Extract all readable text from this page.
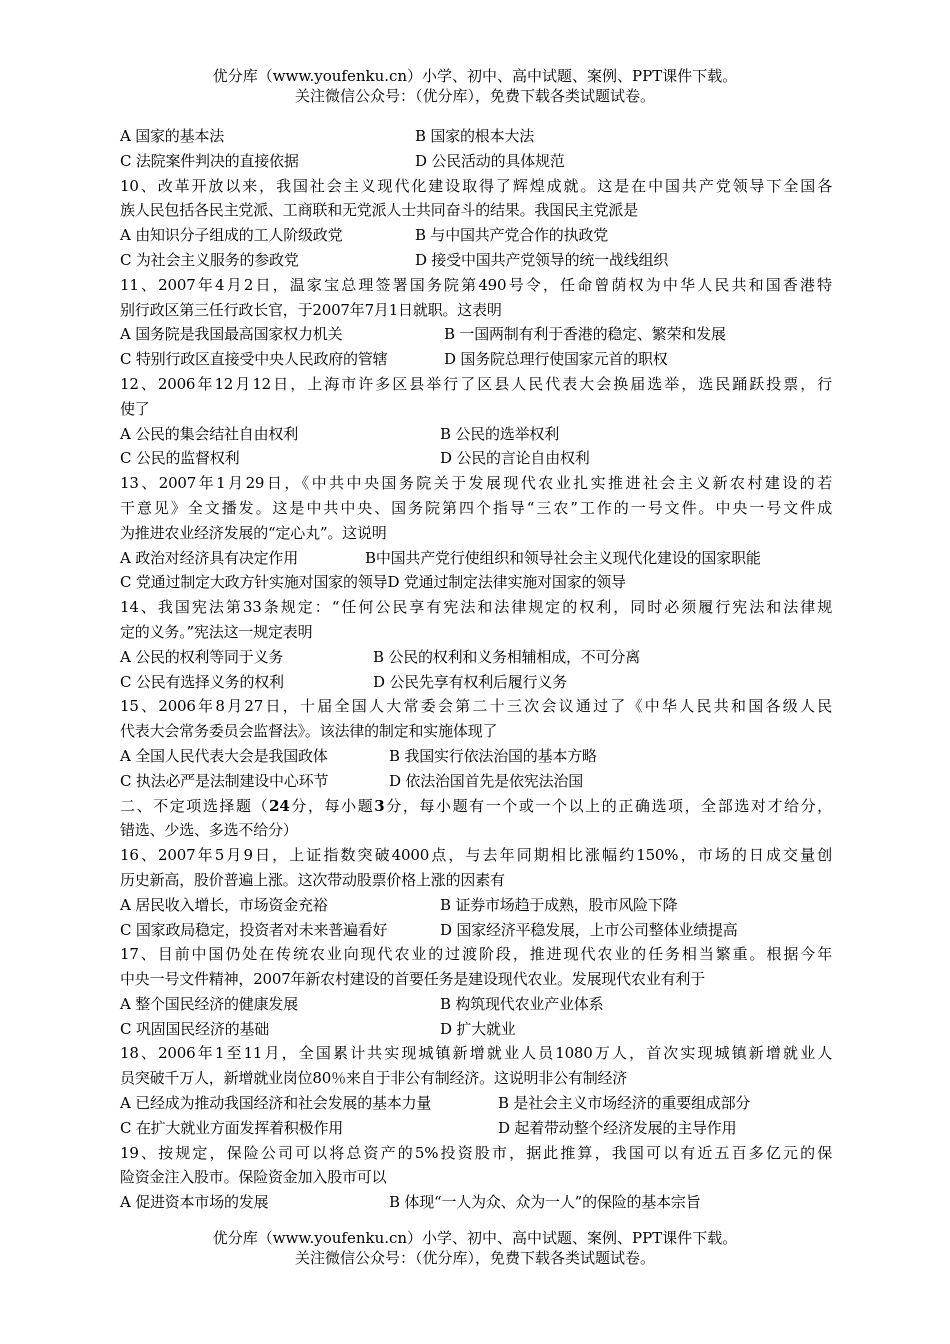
优分库（www.youfenku.cn）小学、初中、高中试题、案例、PPT课件下载。
关注微信公众号：（优分库），免费下载各类试题试卷。
A 国家的基本法	B 国家的根本大法
C 法院案件判决的直接依据	D 公民活动的具体规范
10、改革开放以来，我国社会主义现代化建设取得了辉煌成就。这是在中国共产党领导下全国各
族人民包括各民主党派、工商联和无党派人士共同奋斗的结果。我国民主党派是
A 由知识分子组成的工人阶级政党	B 与中国共产党合作的执政党
C 为社会主义服务的参政党	D 接受中国共产党领导的统一战线组织
11、2007年4月2日，温家宝总理签署国务院第490号令，任命曾荫权为中华人民共和国香港特
别行政区第三任行政长官，于2007年7月1日就职。这表明
A 国务院是我国最高国家权力机关	B 一国两制有利于香港的稳定、繁荣和发展
C 特别行政区直接受中央人民政府的管辖	D 国务院总理行使国家元首的职权
12、2006年12月12日，上海市许多区县举行了区县人民代表大会换届选举，选民踊跃投票，行
使了
A 公民的集会结社自由权利	B 公民的选举权利
C 公民的监督权利	D 公民的言论自由权利
13、2007年1月29日，《中共中央国务院关于发展现代农业扎实推进社会主义新农村建设的若
干意见》全文播发。这是中共中央、国务院第四个指导“三农”工作的一号文件。中央一号文件成
为推进农业经济发展的“定心丸”。这说明
A 政治对经济具有决定作用	B中国共产党行使组织和领导社会主义现代化建设的国家职能
C 党通过制定大政方针实施对国家的领导D 党通过制定法律实施对国家的领导
14、我国宪法第33条规定：“任何公民享有宪法和法律规定的权利，同时必须履行宪法和法律规
定的义务。”宪法这一规定表明
A 公民的权利等同于义务	B 公民的权利和义务相辅相成，不可分离
C 公民有选择义务的权利	D 公民先享有权利后履行义务
15、2006年8月27日，十届全国人大常委会第二十三次会议通过了《中华人民共和国各级人民
代表大会常务委员会监督法》。该法律的制定和实施体现了
A 全国人民代表大会是我国政体	B 我国实行依法治国的基本方略
C 执法必严是法制建设中心环节	D 依法治国首先是依宪法治国
二、不定项选择题（24分，每小题3分，每小题有一个或一个以上的正确选项，全部选对才给分，
错选、少选、多选不给分）
16、2007年5月9日，上证指数突破4000点，与去年同期相比涨幅约150%，市场的日成交量创
历史新高，股价普遍上涨。这次带动股票价格上涨的因素有
A 居民收入增长，市场资金充裕	B 证券市场趋于成熟，股市风险下降
C 国家政局稳定，投资者对未来普遍看好	D 国家经济平稳发展，上市公司整体业绩提高
17、目前中国仍处在传统农业向现代农业的过渡阶段，推进现代农业的任务相当繁重。根据今年
中央一号文件精神，2007年新农村建设的首要任务是建设现代农业。发展现代农业有利于
A 整个国民经济的健康发展	B 构筑现代农业产业体系
C 巩固国民经济的基础	D 扩大就业
18、2006年1至11月，全国累计共实现城镇新增就业人员1080万人，首次实现城镇新增就业人
员突破千万人，新增就业岗位80％来自于非公有制经济。这说明非公有制经济
A 已经成为推动我国经济和社会发展的基本力量	B 是社会主义市场经济的重要组成部分
C 在扩大就业方面发挥着积极作用	D 起着带动整个经济发展的主导作用
19、按规定，保险公司可以将总资产的5%投资股市，据此推算，我国可以有近五百多亿元的保
险资金注入股市。保险资金加入股市可以
A 促进资本市场的发展	B 体现“一人为众、众为一人”的保险的基本宗旨
优分库（www.youfenku.cn）小学、初中、高中试题、案例、PPT课件下载。
关注微信公众号：（优分库），免费下载各类试题试卷。
